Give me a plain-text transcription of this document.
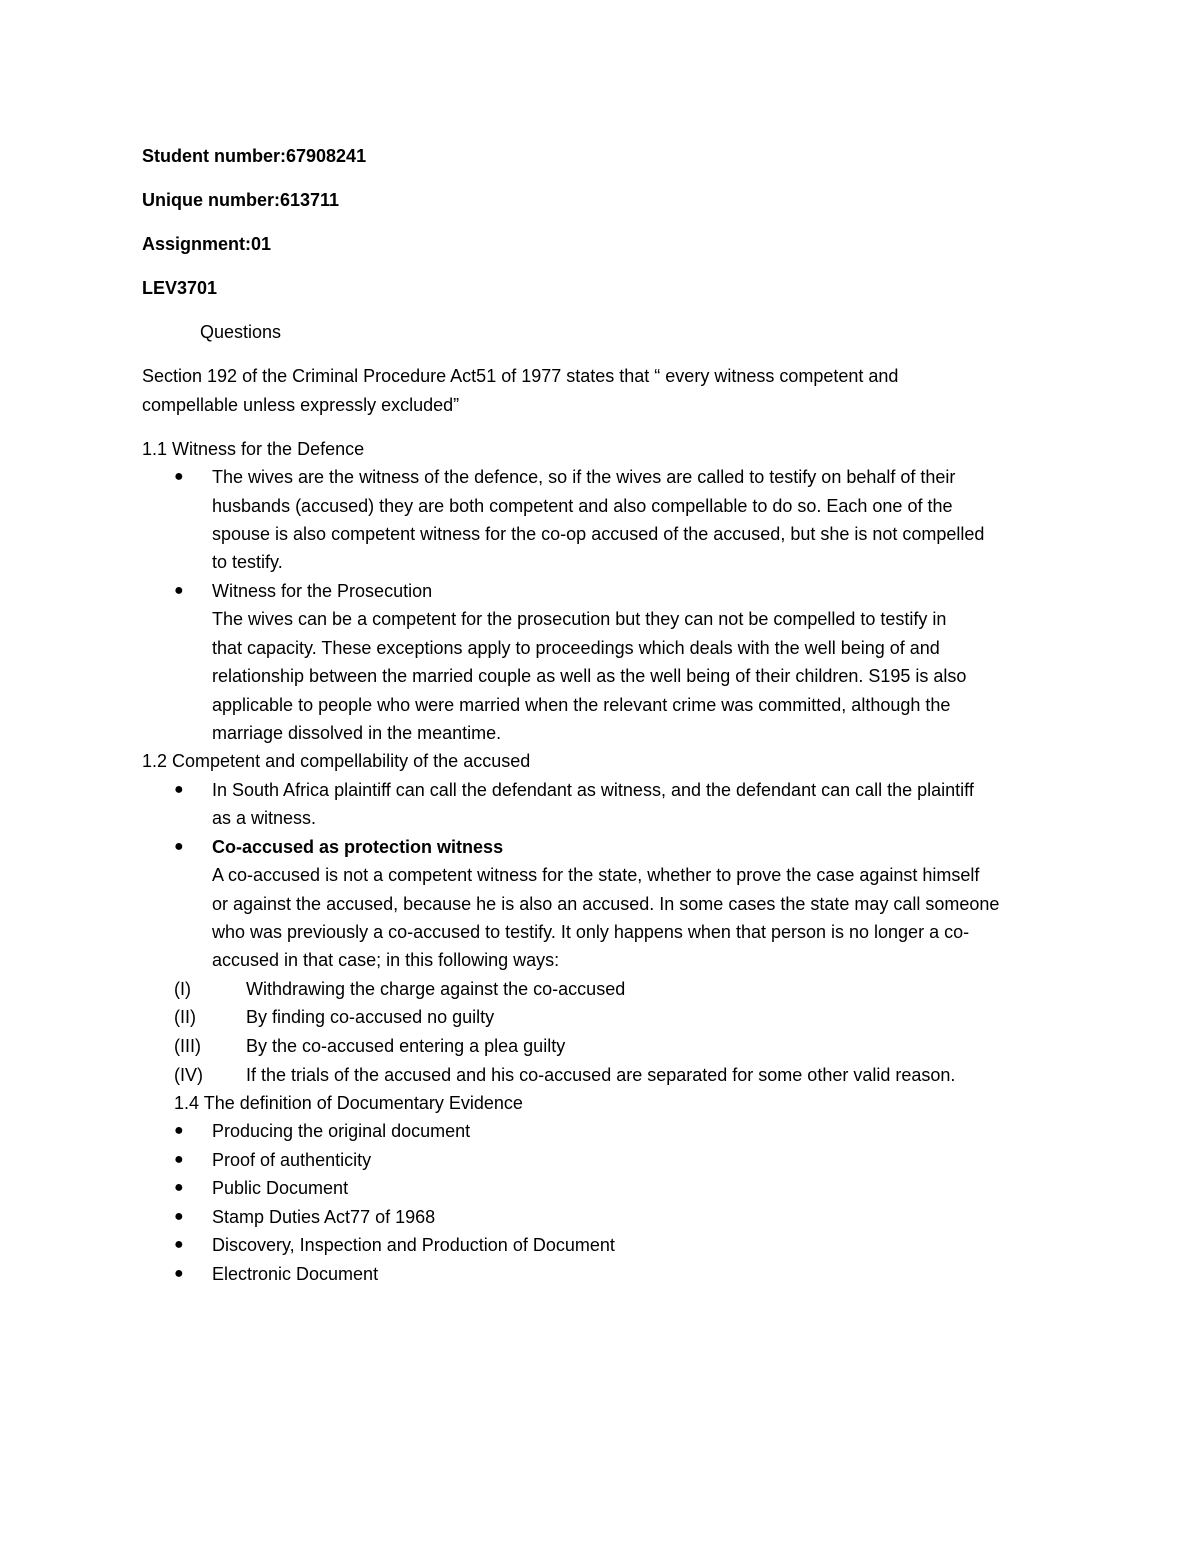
Student number:67908241
Unique number:613711
Assignment:01
LEV3701
Questions
Section 192 of the Criminal Procedure Act51 of 1977 states that “ every witness competent and
compellable unless expressly excluded”
1.1 Witness for the Defence
● The wives are the witness of the defence, so if the wives are called to testify on behalf of their
husbands (accused) they are both competent and also compellable to do so. Each one of the
spouse is also competent witness for the co-op accused of the accused, but she is not compelled
to testify.
● Witness for the Prosecution
The wives can be a competent for the prosecution but they can not be compelled to testify in
that capacity. These exceptions apply to proceedings which deals with the well being of and
relationship between the married couple as well as the well being of their children. S195 is also
applicable to people who were married when the relevant crime was committed, although the
marriage dissolved in the meantime.
1.2 Competent and compellability of the accused
● In South Africa plaintiff can call the defendant as witness, and the defendant can call the plaintiff
as a witness.
● Co-accused as protection witness
A co-accused is not a competent witness for the state, whether to prove the case against himself
or against the accused, because he is also an accused. In some cases the state may call someone
who was previously a co-accused to testify. It only happens when that person is no longer a co-
accused in that case; in this following ways:
(I)	Withdrawing the charge against the co-accused
(II)	By finding co-accused no guilty
(III)	By the co-accused entering a plea guilty
(IV) If the trials of the accused and his co-accused are separated for some other valid reason.
1.4 The definition of Documentary Evidence
● Producing the original document
● Proof of authenticity
● Public Document
● Stamp Duties Act77 of 1968
● Discovery, Inspection and Production of Document
● Electronic Document
